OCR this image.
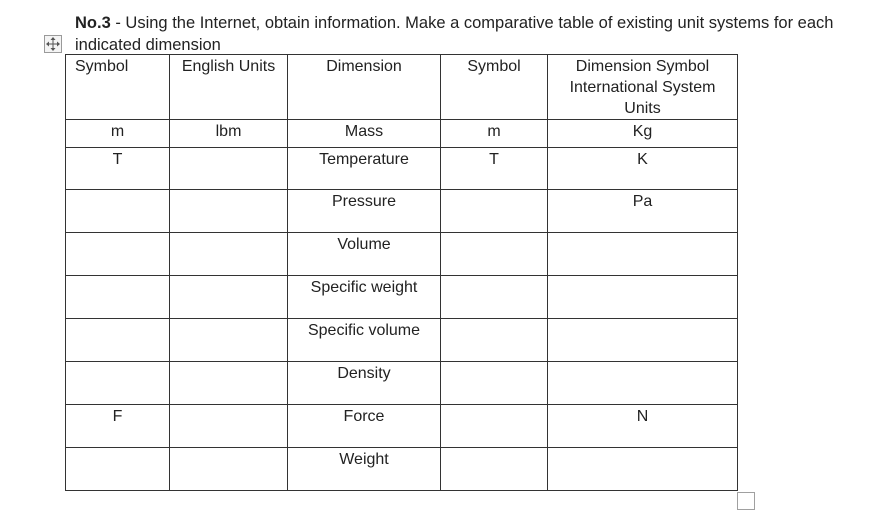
No.3 - Using the Internet, obtain information. Make a comparative table of existing unit systems for each indicated dimension
Symbol	English Units	Dimension	Symbol	Dimension Symbol International System Units
m	lbm	Mass	m	Kg
T		Temperature	T	K
		Pressure		Pa
		Volume		
		Specific weight		
		Specific volume		
		Density		
F		Force		N
		Weight		
